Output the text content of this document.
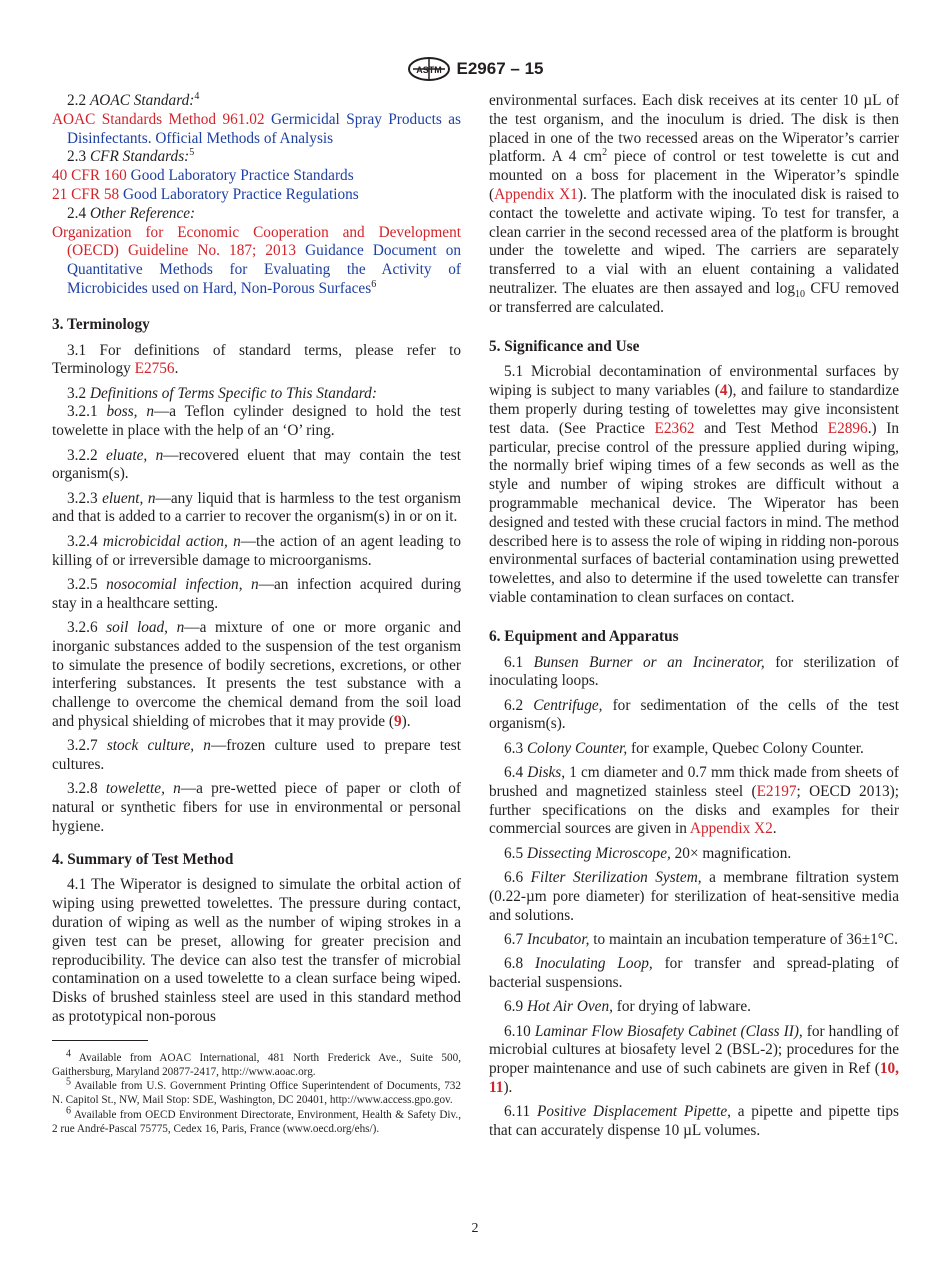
ASTM E2967 – 15

2.2 AOAC Standard:$^4$

AOAC Standards Method 961.02 Germicidal Spray Products as Disinfectants. Official Methods of Analysis

2.3 CFR Standards:$^5$

40 CFR 160 Good Laboratory Practice Standards

21 CFR 58 Good Laboratory Practice Regulations

2.4 Other Reference:

Organization for Economic Cooperation and Development (OECD) Guideline No. 187; 2013 Guidance Document on Quantitative Methods for Evaluating the Activity of Microbicides used on Hard, Non-Porous Surfaces$^6$

3. Terminology

3.1 For definitions of standard terms, please refer to Terminology E2756.

3.2 Definitions of Terms Specific to This Standard:

3.2.1 boss, n—a Teflon cylinder designed to hold the test towelette in place with the help of an ‘O’ ring.

3.2.2 eluate, n—recovered eluent that may contain the test organism(s).

3.2.3 eluent, n—any liquid that is harmless to the test organism and that is added to a carrier to recover the organism(s) in or on it.

3.2.4 microbicidal action, n—the action of an agent leading to killing of or irreversible damage to microorganisms.

3.2.5 nosocomial infection, n—an infection acquired during stay in a healthcare setting.

3.2.6 soil load, n—a mixture of one or more organic and inorganic substances added to the suspension of the test organism to simulate the presence of bodily secretions, excretions, or other interfering substances. It presents the test substance with a challenge to overcome the chemical demand from the soil load and physical shielding of microbes that it may provide (9).

3.2.7 stock culture, n—frozen culture used to prepare test cultures.

3.2.8 towelette, n—a pre-wetted piece of paper or cloth of natural or synthetic fibers for use in environmental or personal hygiene.

4. Summary of Test Method

4.1 The Wiperator is designed to simulate the orbital action of wiping using prewetted towelettes. The pressure during contact, duration of wiping as well as the number of wiping strokes in a given test can be preset, allowing for greater precision and reproducibility. The device can also test the transfer of microbial contamination on a used towelette to a clean surface being wiped. Disks of brushed stainless steel are used in this standard method as prototypical non-porous

$^4$ Available from AOAC International, 481 North Frederick Ave., Suite 500, Gaithersburg, Maryland 20877-2417, http://www.aoac.org.

$^5$ Available from U.S. Government Printing Office Superintendent of Documents, 732 N. Capitol St., NW, Mail Stop: SDE, Washington, DC 20401, http://www.access.gpo.gov.

$^6$ Available from OECD Environment Directorate, Environment, Health & Safety Div., 2 rue André-Pascal 75775, Cedex 16, Paris, France (www.oecd.org/ehs/).

environmental surfaces. Each disk receives at its center 10 µL of the test organism, and the inoculum is dried. The disk is then placed in one of the two recessed areas on the Wiperator’s carrier platform. A 4 $cm^2$ piece of control or test towelette is cut and mounted on a boss for placement in the Wiperator’s spindle (Appendix X1). The platform with the inoculated disk is raised to contact the towelette and activate wiping. To test for transfer, a clean carrier in the second recessed area of the platform is brought under the towelette and wiped. The carriers are separately transferred to a vial with an eluent containing a validated neutralizer. The eluates are then assayed and $\log_{10}$ CFU removed or transferred are calculated.

5. Significance and Use

5.1 Microbial decontamination of environmental surfaces by wiping is subject to many variables (4), and failure to standardize them properly during testing of towelettes may give inconsistent test data. (See Practice E2362 and Test Method E2896.) In particular, precise control of the pressure applied during wiping, the normally brief wiping times of a few seconds as well as the style and number of wiping strokes are difficult without a programmable mechanical device. The Wiperator has been designed and tested with these crucial factors in mind. The method described here is to assess the role of wiping in ridding non-porous environmental surfaces of bacterial contamination using prewetted towelettes, and also to determine if the used towelette can transfer viable contamination to clean surfaces on contact.

6. Equipment and Apparatus

6.1 Bunsen Burner or an Incinerator, for sterilization of inoculating loops.

6.2 Centrifuge, for sedimentation of the cells of the test organism(s).

6.3 Colony Counter, for example, Quebec Colony Counter.

6.4 Disks, 1 cm diameter and 0.7 mm thick made from sheets of brushed and magnetized stainless steel (E2197; OECD 2013); further specifications on the disks and examples for their commercial sources are given in Appendix X2.

6.5 Dissecting Microscope, 20× magnification.

6.6 Filter Sterilization System, a membrane filtration system (0.22-µm pore diameter) for sterilization of heat-sensitive media and solutions.

6.7 Incubator, to maintain an incubation temperature of 36±1°C.

6.8 Inoculating Loop, for transfer and spread-plating of bacterial suspensions.

6.9 Hot Air Oven, for drying of labware.

6.10 Laminar Flow Biosafety Cabinet (Class II), for handling of microbial cultures at biosafety level 2 (BSL-2); procedures for the proper maintenance and use of such cabinets are given in Ref (10, 11).

6.11 Positive Displacement Pipette, a pipette and pipette tips that can accurately dispense 10 µL volumes.

2
